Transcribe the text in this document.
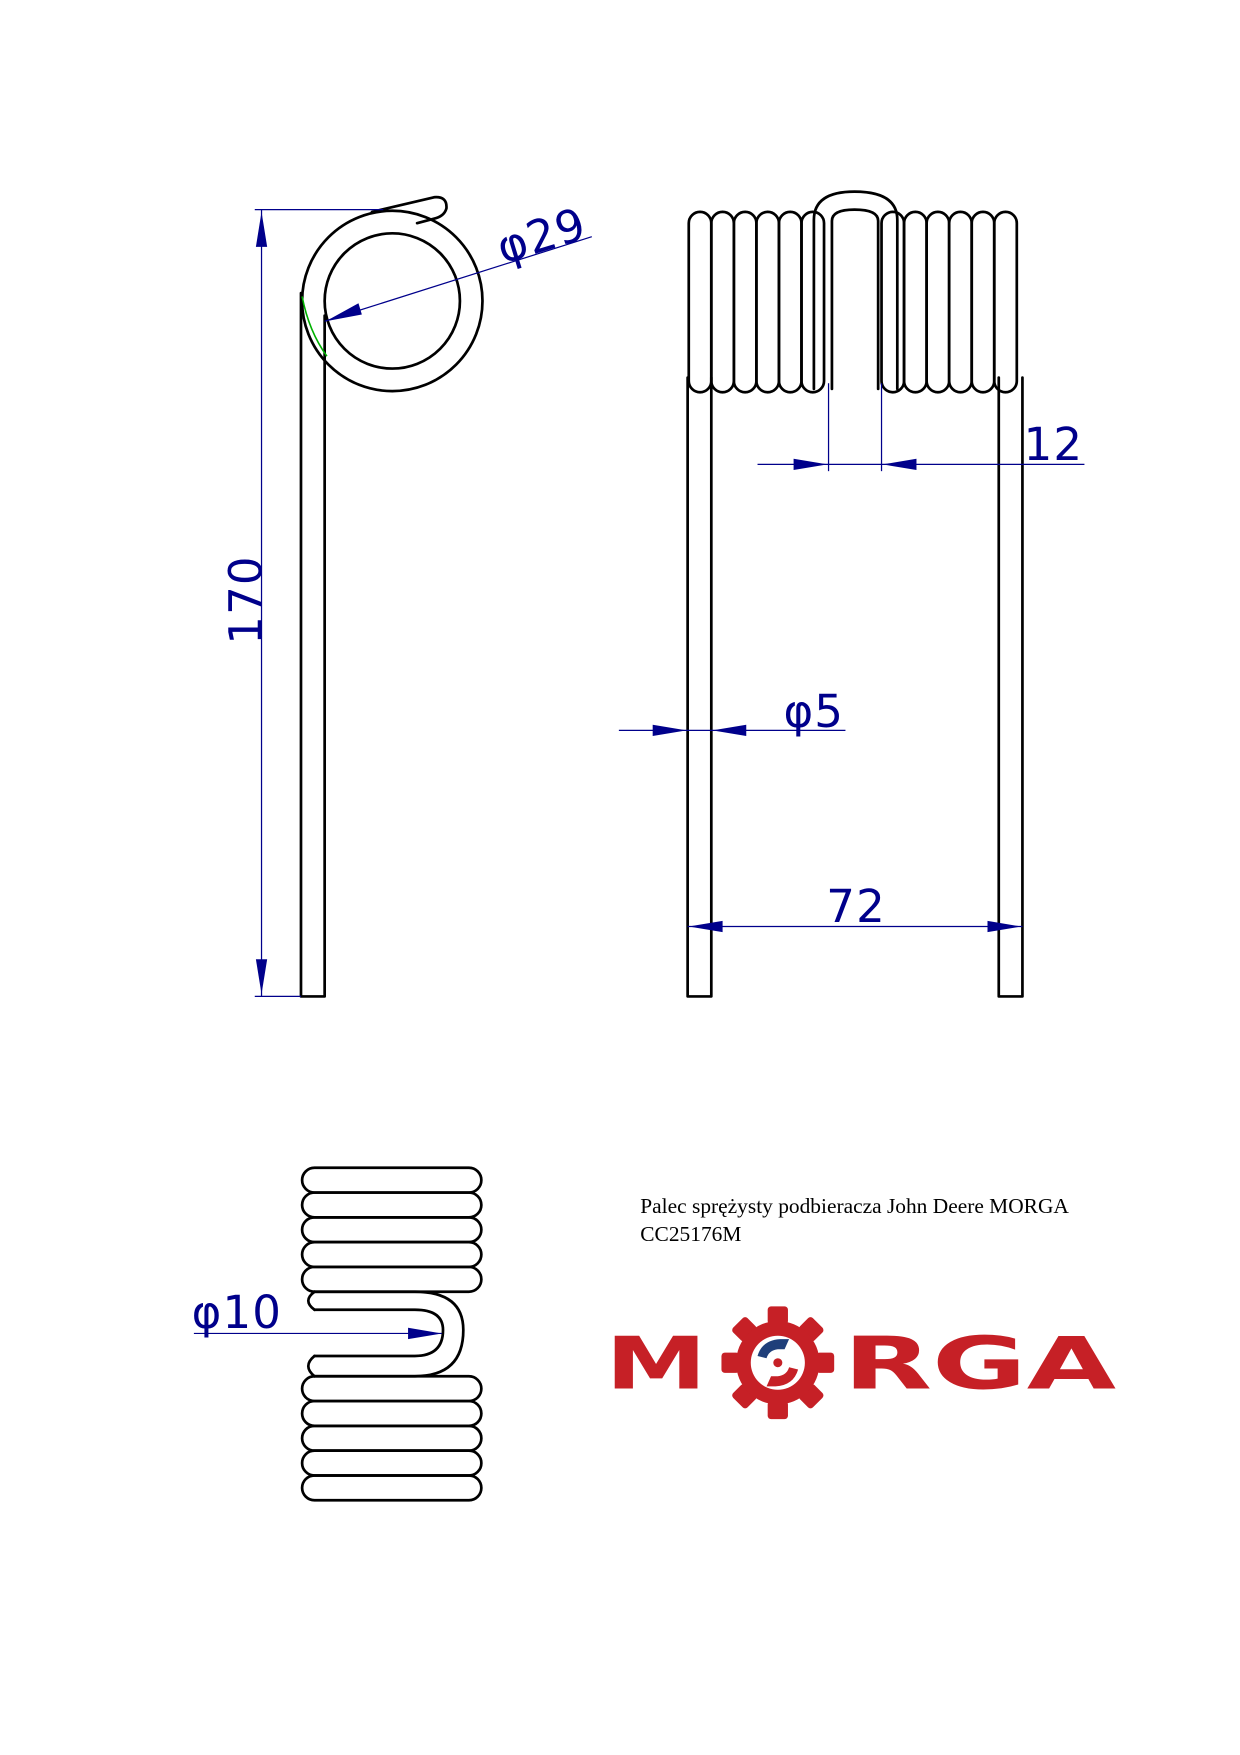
170
φ29
12
φ5
72
φ10
Palec sprężysty podbieracza John Deere MORGA
CC25176M
M RGA
